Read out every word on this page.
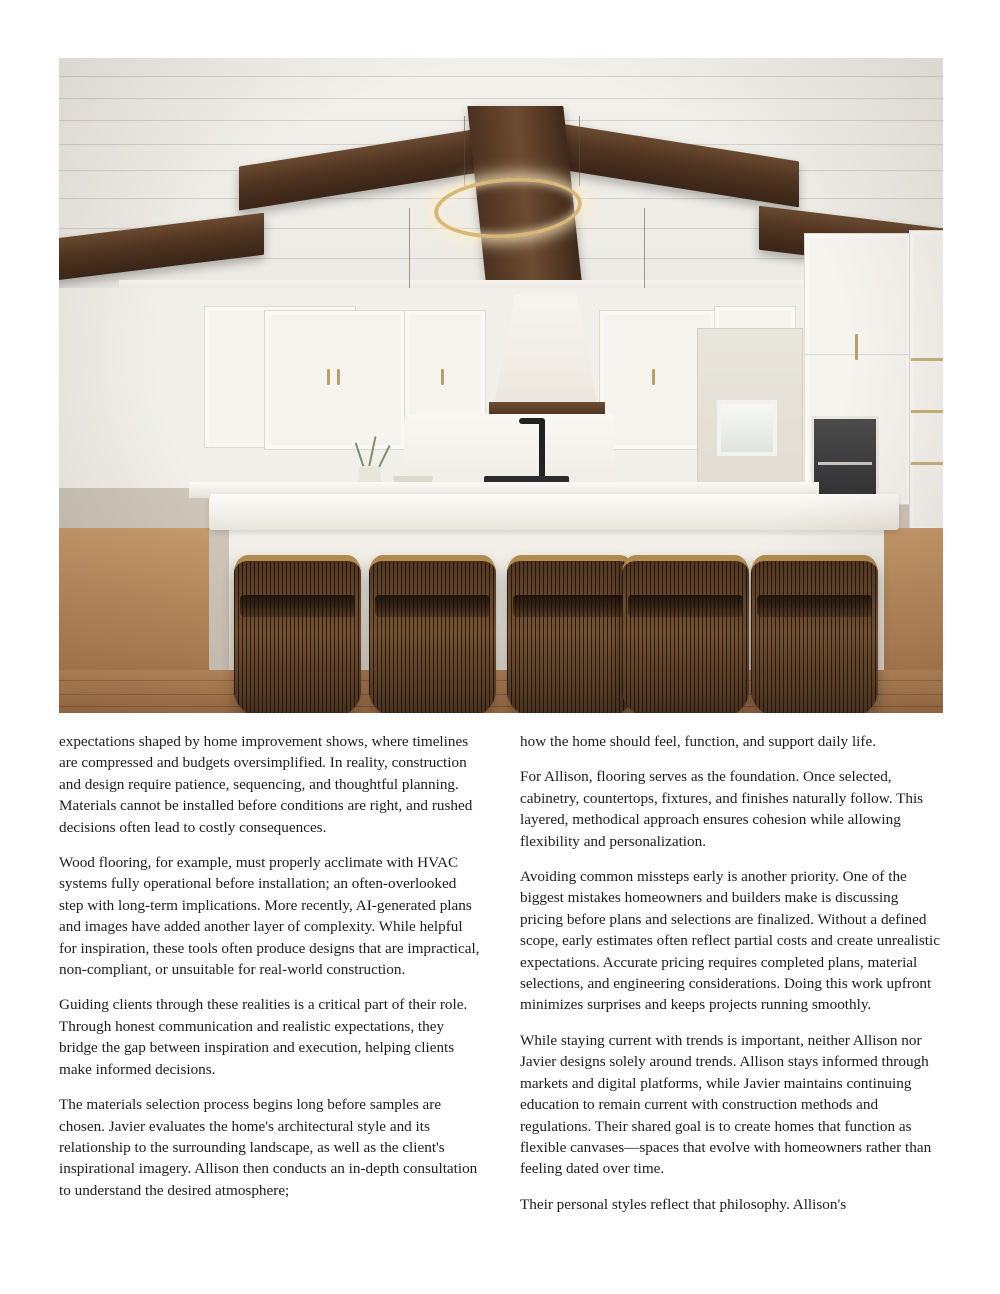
expectations shaped by home improvement shows, where timelines are compressed and budgets oversimplified. In reality, construction and design require patience, sequencing, and thoughtful planning. Materials cannot be installed before conditions are right, and rushed decisions often lead to costly consequences.

Wood flooring, for example, must properly acclimate with HVAC systems fully operational before installation; an often-overlooked step with long-term implications. More recently, AI-generated plans and images have added another layer of complexity. While helpful for inspiration, these tools often produce designs that are impractical, non-compliant, or unsuitable for real-world construction.

Guiding clients through these realities is a critical part of their role. Through honest communication and realistic expectations, they bridge the gap between inspiration and execution, helping clients make informed decisions.

The materials selection process begins long before samples are chosen. Javier evaluates the home's architectural style and its relationship to the surrounding landscape, as well as the client's inspirational imagery. Allison then conducts an in-depth consultation to understand the desired atmosphere;

how the home should feel, function, and support daily life.

For Allison, flooring serves as the foundation. Once selected, cabinetry, countertops, fixtures, and finishes naturally follow. This layered, methodical approach ensures cohesion while allowing flexibility and personalization.

Avoiding common missteps early is another priority. One of the biggest mistakes homeowners and builders make is discussing pricing before plans and selections are finalized. Without a defined scope, early estimates often reflect partial costs and create unrealistic expectations. Accurate pricing requires completed plans, material selections, and engineering considerations. Doing this work upfront minimizes surprises and keeps projects running smoothly.

While staying current with trends is important, neither Allison nor Javier designs solely around trends. Allison stays informed through markets and digital platforms, while Javier maintains continuing education to remain current with construction methods and regulations. Their shared goal is to create homes that function as flexible canvases—spaces that evolve with homeowners rather than feeling dated over time.

Their personal styles reflect that philosophy. Allison's
